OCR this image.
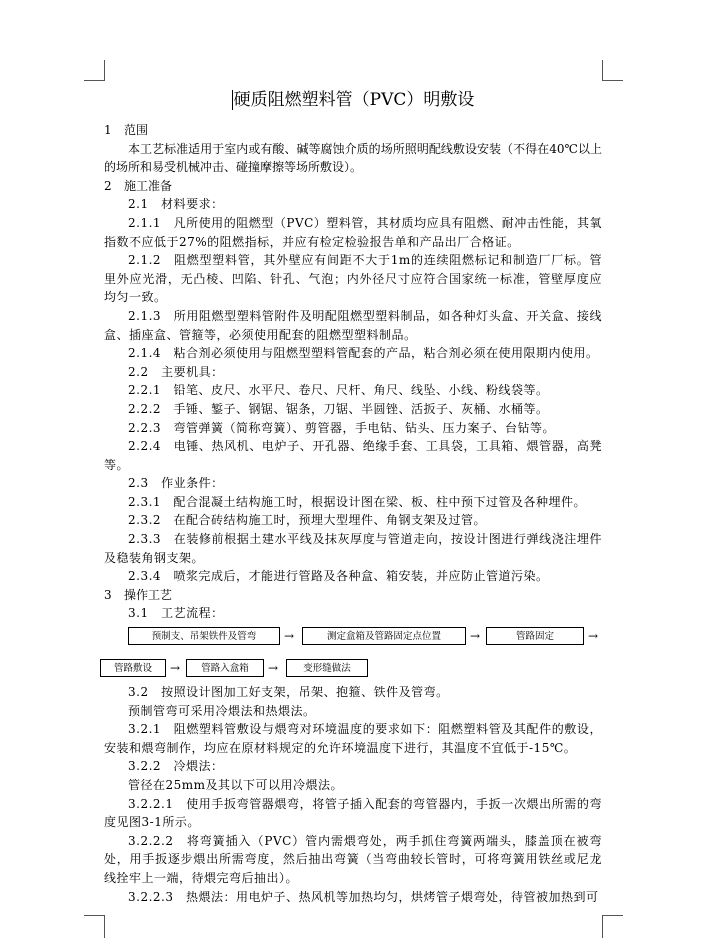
硬质阻燃塑料管（PVC）明敷设

1 范围

本工艺标准适用于室内或有酸、碱等腐蚀介质的场所照明配线敷设安装（不得在40℃以上的场所和易受机械冲击、碰撞摩擦等场所敷设）。

2 施工准备

2.1　材料要求：

2.1.1　凡所使用的阻燃型（PVC）塑料管，其材质均应具有阻燃、耐冲击性能，其氧指数不应低于27%的阻燃指标，并应有检定检验报告单和产品出厂合格证。

2.1.2　阻燃型塑料管，其外壁应有间距不大于1m的连续阻燃标记和制造厂厂标。管里外应光滑，无凸棱、凹陷、针孔、气泡；内外径尺寸应符合国家统一标准，管壁厚度应均匀一致。

2.1.3　所用阻燃型塑料管附件及明配阻燃型塑料制品，如各种灯头盒、开关盒、接线盒、插座盒、管箍等，必须使用配套的阻燃型塑料制品。

2.1.4　粘合剂必须使用与阻燃型塑料管配套的产品，粘合剂必须在使用限期内使用。

2.2　主要机具：

2.2.1　铅笔、皮尺、水平尺、卷尺、尺杆、角尺、线坠、小线、粉线袋等。

2.2.2　手锤、錾子、钢锯、锯条，刀锯、半圆锉、活扳子、灰桶、水桶等。

2.2.3　弯管弹簧（简称弯簧）、剪管器，手电钻、钻头、压力案子、台钻等。

2.2.4　电锤、热风机、电炉子、开孔器、绝缘手套、工具袋，工具箱、煨管器，高凳等。

2.3　作业条件：

2.3.1　配合混凝土结构施工时，根据设计图在梁、板、柱中预下过管及各种埋件。

2.3.2　在配合砖结构施工时，预埋大型埋件、角钢支架及过管。

2.3.3　在装修前根据土建水平线及抹灰厚度与管道走向，按设计图进行弹线浇注埋件及稳装角钢支架。

2.3.4　喷浆完成后，才能进行管路及各种盒、箱安装，并应防止管道污染。

3 操作工艺

3.1　工艺流程：

预制支、吊架铁件及管弯	→	测定盒箱及管路固定点位置	→	管路固定	→
管路敷设	→	管路入盒箱	→	变形缝做法

3.2　按照设计图加工好支架，吊架、抱箍、铁件及管弯。

预制管弯可采用冷煨法和热煨法。

3.2.1　阻燃塑料管敷设与煨弯对环境温度的要求如下：阻燃塑料管及其配件的敷设，安装和煨弯制作，均应在原材料规定的允许环境温度下进行，其温度不宜低于-15℃。

3.2.2　冷煨法：

管径在25mm及其以下可以用冷煨法。

3.2.2.1　使用手扳弯管器煨弯，将管子插入配套的弯管器内，手扳一次煨出所需的弯度见图3-1所示。

3.2.2.2　将弯簧插入（PVC）管内需煨弯处，两手抓住弯簧两端头，膝盖顶在被弯处，用手扳逐步煨出所需弯度，然后抽出弯簧（当弯曲较长管时，可将弯簧用铁丝或尼龙线拴牢上一端，待煨完弯后抽出）。

3.2.2.3　热煨法：用电炉子、热风机等加热均匀，烘烤管子煨弯处，待管被加热到可
